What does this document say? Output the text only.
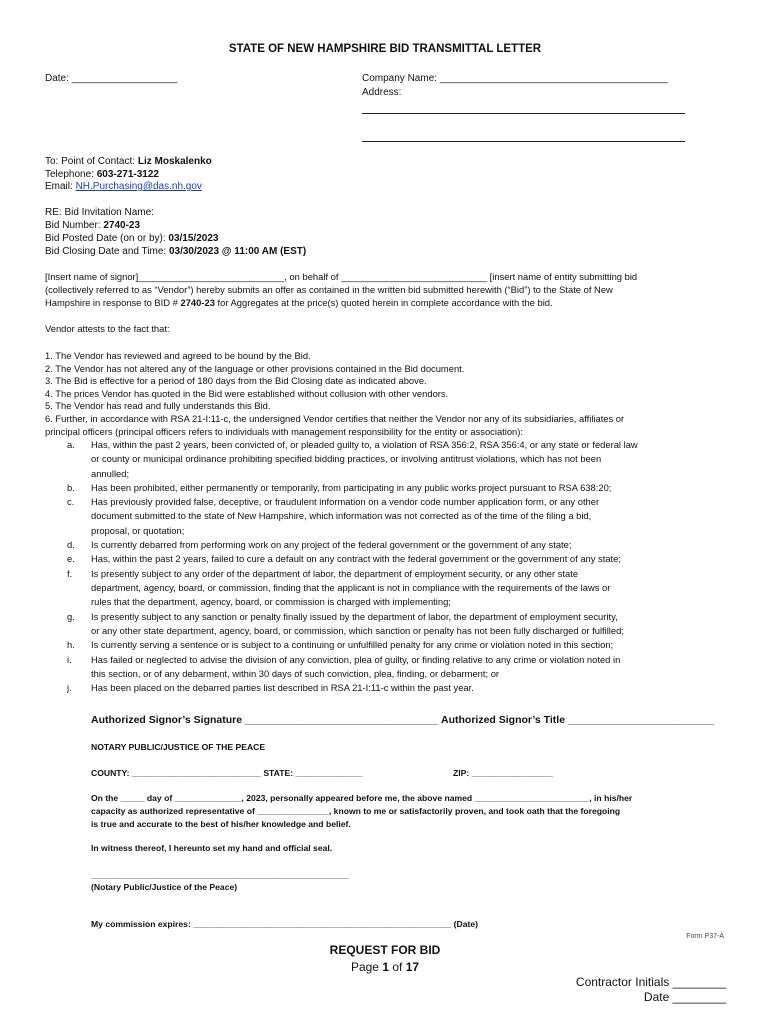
STATE OF NEW HAMPSHIRE BID TRANSMITTAL LETTER
Date: ___________________	Company Name: _________________________________________
Address:
To: Point of Contact: Liz Moskalenko
Telephone: 603-271-3122
Email: NH.Purchasing@das.nh.gov
RE: Bid Invitation Name:
Bid Number: 2740-23
Bid Posted Date (on or by): 03/15/2023
Bid Closing Date and Time: 03/30/2023 @ 11:00 AM (EST)
[Insert name of signor]____________________________, on behalf of ____________________________ [insert name of entity submitting bid
(collectively referred to as “Vendor”) hereby submits an offer as contained in the written bid submitted herewith (“Bid”) to the State of New
Hampshire in response to BID # 2740-23 for Aggregates at the price(s) quoted herein in complete accordance with the bid.
Vendor attests to the fact that:
1. The Vendor has reviewed and agreed to be bound by the Bid.
2. The Vendor has not altered any of the language or other provisions contained in the Bid document.
3. The Bid is effective for a period of 180 days from the Bid Closing date as indicated above.
4. The prices Vendor has quoted in the Bid were established without collusion with other vendors.
5. The Vendor has read and fully understands this Bid.
6. Further, in accordance with RSA 21-I:11-c, the undersigned Vendor certifies that neither the Vendor nor any of its subsidiaries, affiliates or
principal officers (principal officers refers to individuals with management responsibility for the entity or association):
a. Has, within the past 2 years, been convicted of, or pleaded guilty to, a violation of RSA 356:2, RSA 356:4, or any state or federal law
or county or municipal ordinance prohibiting specified bidding practices, or involving antitrust violations, which has not been
annulled;
b. Has been prohibited, either permanently or temporarily, from participating in any public works project pursuant to RSA 638:20;
c. Has previously provided false, deceptive, or fraudulent information on a vendor code number application form, or any other
document submitted to the state of New Hampshire, which information was not corrected as of the time of the filing a bid,
proposal, or quotation;
d. Is currently debarred from performing work on any project of the federal government or the government of any state;
e. Has, within the past 2 years, failed to cure a default on any contract with the federal government or the government of any state;
f. Is presently subject to any order of the department of labor, the department of employment security, or any other state
department, agency, board, or commission, finding that the applicant is not in compliance with the requirements of the laws or
rules that the department, agency, board, or commission is charged with implementing;
g. Is presently subject to any sanction or penalty finally issued by the department of labor, the department of employment security,
or any other state department, agency, board, or commission, which sanction or penalty has not been fully discharged or fulfilled;
h. Is currently serving a sentence or is subject to a continuing or unfulfilled penalty for any crime or violation noted in this section;
i. Has failed or neglected to advise the division of any conviction, plea of guilty, or finding relative to any crime or violation noted in
this section, or of any debarment, within 30 days of such conviction, plea, finding, or debarment; or
j. Has been placed on the debarred parties list described in RSA 21-I:11-c within the past year.
Authorized Signor’s Signature _________________________________ Authorized Signor’s Title _________________________
NOTARY PUBLIC/JUSTICE OF THE PEACE
COUNTY: ___________________________ STATE: ______________	ZIP: _________________
On the _____ day of ______________, 2023, personally appeared before me, the above named ________________________, in his/her
capacity as authorized representative of _______________, known to me or satisfactorily proven, and took oath that the foregoing
is true and accurate to the best of his/her knowledge and belief.
In witness thereof, I hereunto set my hand and official seal.
______________________________________________________
(Notary Public/Justice of the Peace)
My commission expires: ______________________________________________________ (Date)
Form P37-A
REQUEST FOR BID
Page 1 of 17
Contractor Initials ________
Date ________
